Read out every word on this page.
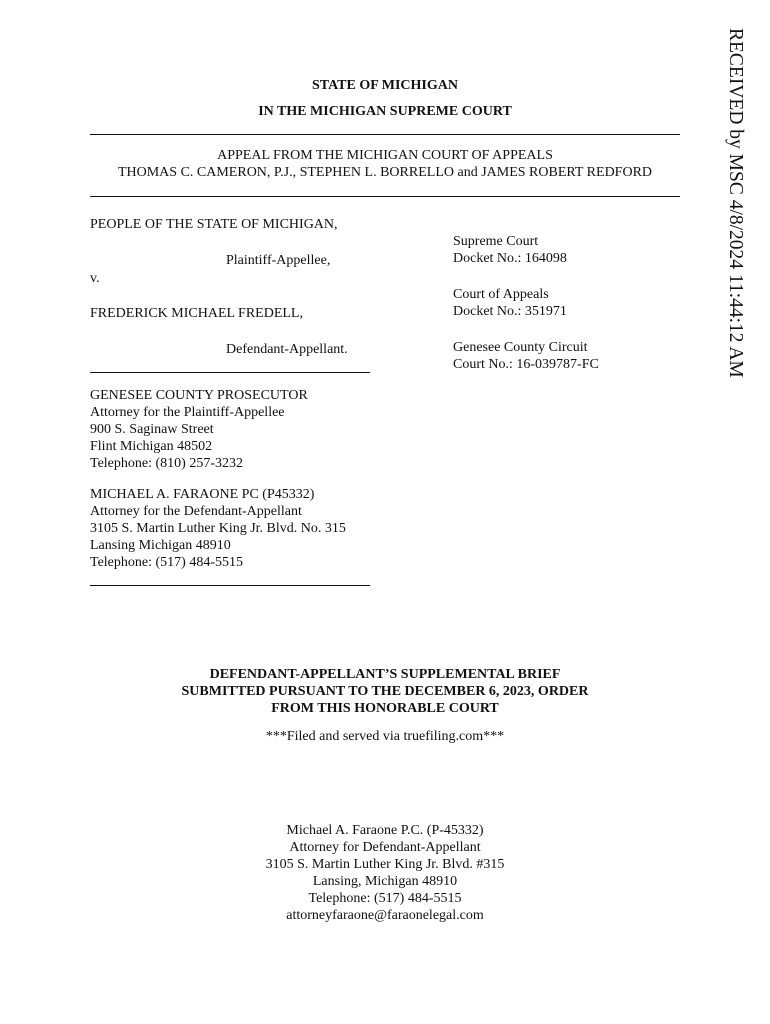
RECEIVED by MSC 4/8/2024 11:44:12 AM
STATE OF MICHIGAN
IN THE MICHIGAN SUPREME COURT
APPEAL FROM THE MICHIGAN COURT OF APPEALS
THOMAS C. CAMERON, P.J., STEPHEN L. BORRELLO and JAMES ROBERT REDFORD
PEOPLE OF THE STATE OF MICHIGAN,
Plaintiff-Appellee,
v.
FREDERICK MICHAEL FREDELL,
Defendant-Appellant.
Supreme Court
Docket No.: 164098
Court of Appeals
Docket No.: 351971
Genesee County Circuit
Court No.: 16-039787-FC
GENESEE COUNTY PROSECUTOR
Attorney for the Plaintiff-Appellee
900 S. Saginaw Street
Flint Michigan 48502
Telephone: (810) 257-3232
MICHAEL A. FARAONE PC (P45332)
Attorney for the Defendant-Appellant
3105 S. Martin Luther King Jr. Blvd. No. 315
Lansing Michigan 48910
Telephone: (517) 484-5515
DEFENDANT-APPELLANT’S SUPPLEMENTAL BRIEF
SUBMITTED PURSUANT TO THE DECEMBER 6, 2023, ORDER
FROM THIS HONORABLE COURT
***Filed and served via truefiling.com***
Michael A. Faraone P.C. (P-45332)
Attorney for Defendant-Appellant
3105 S. Martin Luther King Jr. Blvd. #315
Lansing, Michigan 48910
Telephone: (517) 484-5515
attorneyfaraone@faraonelegal.com
